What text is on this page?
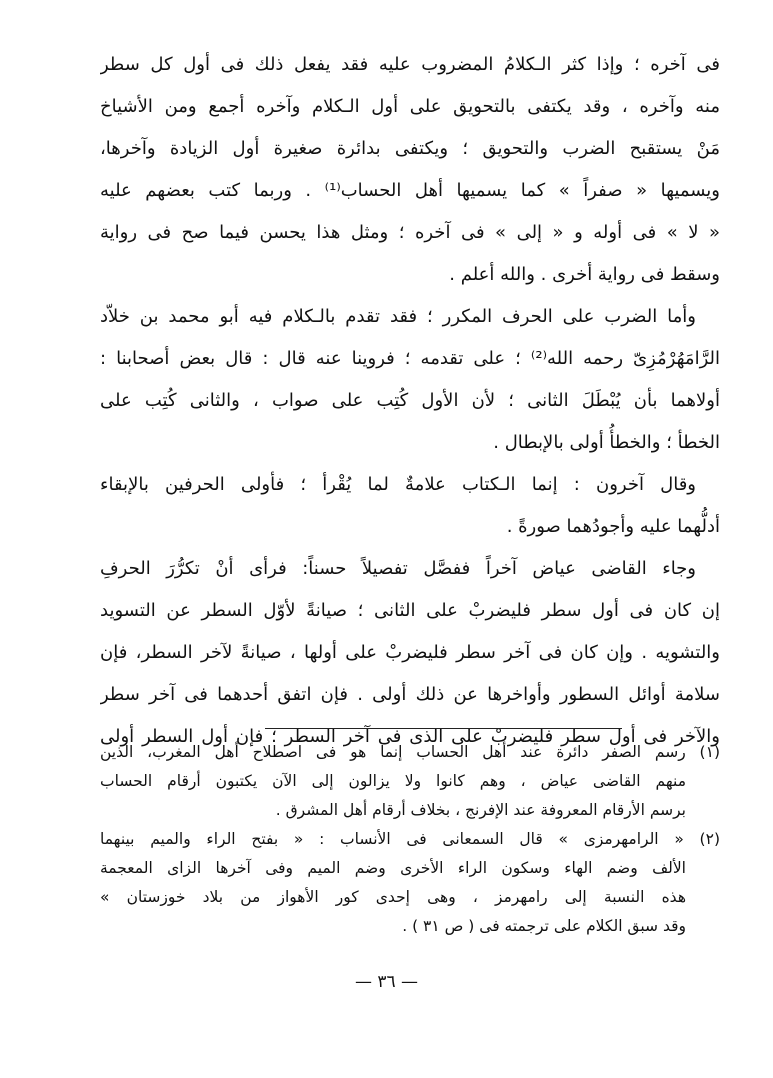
فى آخره ؛ وإذا كثر الـكلامُ المضروب عليه فقد يفعل ذلك فى أول كل سطر
منه وآخره ، وقد يكتفى بالتحويق على أول الـكلام وآخره أجمع ومن الأشياخ
مَنْ يستقبح الضرب والتحويق ؛ ويكتفى بدائرة صغيرة أول الزيادة وآخرها،
ويسميها « صفراً » كما يسميها أهل الحساب⁽¹⁾ . وربما كتب بعضهم عليه
« لا » فى أوله و « إلى » فى آخره ؛ ومثل هذا يحسن فيما صح فى رواية
وسقط فى رواية أخرى . والله أعلم .
وأما الضرب على الحرف المكرر ؛ فقد تقدم بالـكلام فيه أبو محمد بن خلاّد
الرَّامَهُرْمُزِىّ رحمه الله⁽²⁾ ؛ على تقدمه ؛ فروينا عنه قال : قال بعض أصحابنا :
أولاهما بأن يُبْطَلَ الثانى ؛ لأن الأول كُتِب على صواب ، والثانى كُتِب على
الخطأ ؛ والخطأُ أولى بالإبطال .
وقال آخرون : إنما الـكتاب علامةٌ لما يُقْرأ ؛ فأولى الحرفين بالإبقاء
أدلُّهما عليه وأجودُهما صورةً .
وجاء القاضى عياض آخراً ففصَّل تفصيلاً حسناً: فرأى أنْ تكرُّرَ الحرفِ
إن كان فى أول سطر فليضربْ على الثانى ؛ صيانةً لأوّل السطر عن التسويد
والتشويه . وإن كان فى آخر سطر فليضربْ على أولها ، صيانةً لآخر السطر، فإن
سلامة أوائل السطور وأواخرها عن ذلك أولى . فإن اتفق أحدهما فى آخر سطر
والآخر فى أول سطر فليضربْ على الذى فى آخر السطر ؛ فإن أول السطر أولى
(١) رسم الصفر دائرة عند أهل الحساب إنما هو فى اصطلاح أهل المغرب، الذين
منهم القاضى عياض ، وهم كانوا ولا يزالون إلى الآن يكتبون أرقام الحساب
برسم الأرقام المعروفة عند الإفرنج ، بخلاف أرقام أهل المشرق .
(٢) « الرامهرمزى » قال السمعانى فى الأنساب : « بفتح الراء والميم بينهما
الألف وضم الهاء وسكون الراء الأخرى وضم الميم وفى آخرها الزاى المعجمة
هذه النسبة إلى رامهرمز ، وهى إحدى كور الأهواز من بلاد خوزستان »
وقد سبق الكلام على ترجمته فى ( ص ٣١ ) .
— ٣٦ —
